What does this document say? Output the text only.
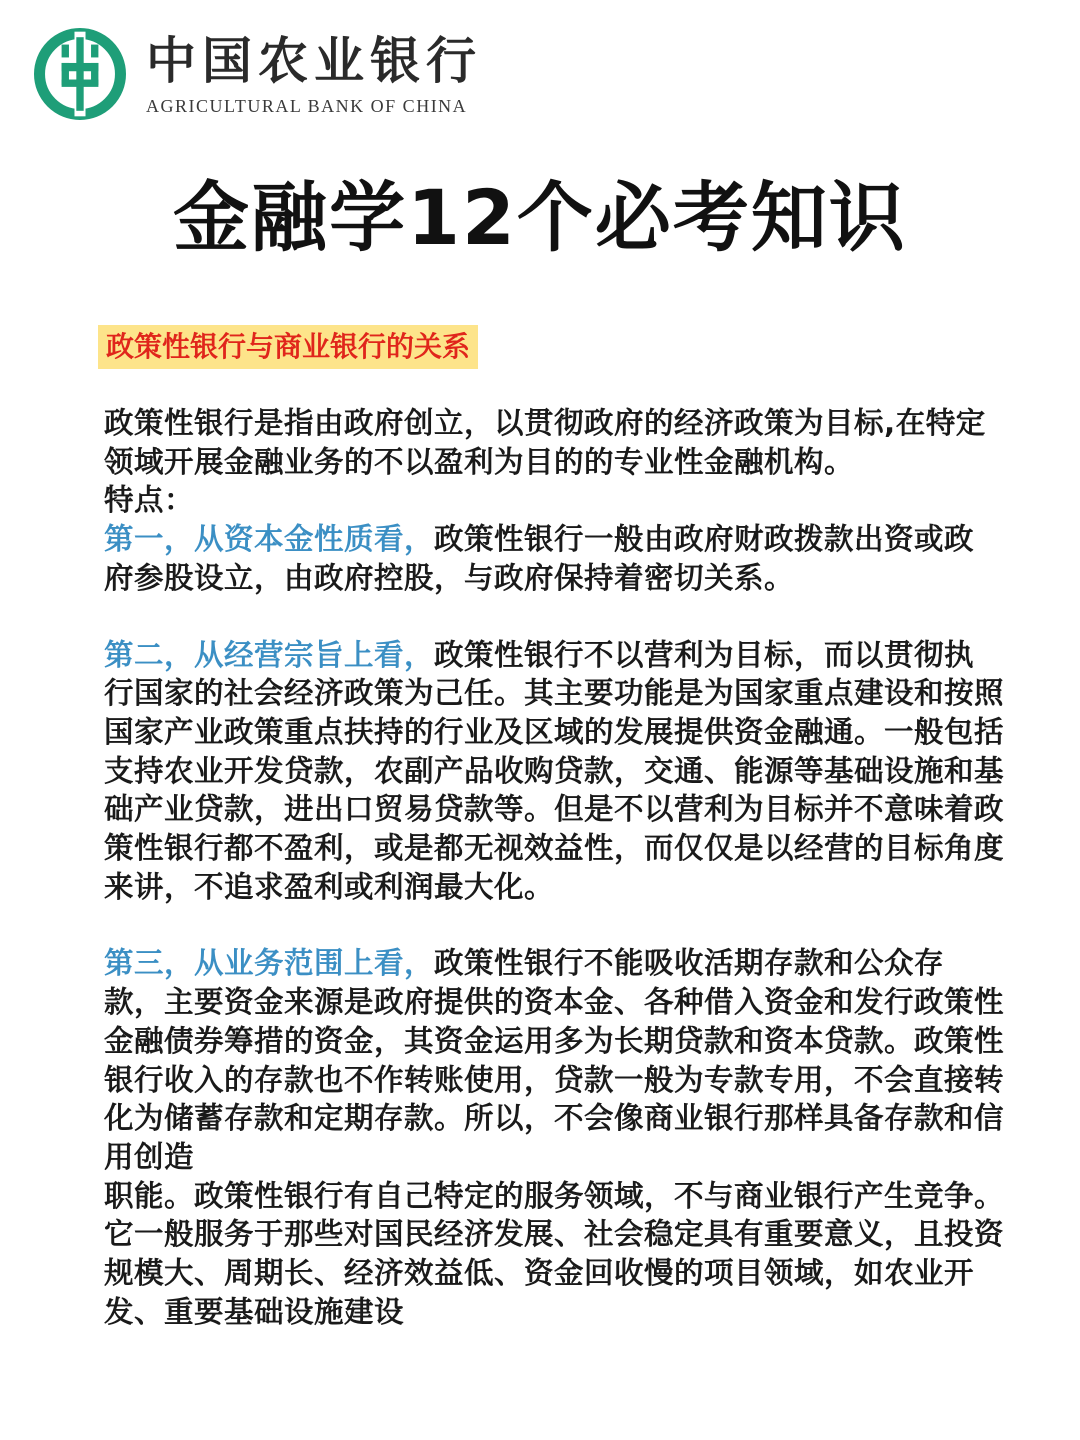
中国农业银行
AGRICULTURAL BANK OF CHINA
金融学12个必考知识
政策性银行与商业银行的关系

政策性银行是指由政府创立，以贯彻政府的经济政策为目标,在特定领域开展金融业务的不以盈利为目的的专业性金融机构。

特点：

第一，从资本金性质看，政策性银行一般由政府财政拨款出资或政府参股设立，由政府控股，与政府保持着密切关系。

第二，从经营宗旨上看，政策性银行不以营利为目标，而以贯彻执行国家的社会经济政策为己任。其主要功能是为国家重点建设和按照国家产业政策重点扶持的行业及区域的发展提供资金融通。一般包括支持农业开发贷款，农副产品收购贷款，交通、能源等基础设施和基础产业贷款，进出口贸易贷款等。但是不以营利为目标并不意味着政策性银行都不盈利，或是都无视效益性，而仅仅是以经营的目标角度来讲，不追求盈利或利润最大化。

第三，从业务范围上看，政策性银行不能吸收活期存款和公众存款，主要资金来源是政府提供的资本金、各种借入资金和发行政策性金融债券筹措的资金，其资金运用多为长期贷款和资本贷款。政策性银行收入的存款也不作转账使用，贷款一般为专款专用，不会直接转化为储蓄存款和定期存款。所以，不会像商业银行那样具备存款和信用创造

职能。政策性银行有自己特定的服务领域，不与商业银行产生竞争。它一般服务于那些对国民经济发展、社会稳定具有重要意义，且投资规模大、周期长、经济效益低、资金回收慢的项目领域，如农业开发、重要基础设施建设
